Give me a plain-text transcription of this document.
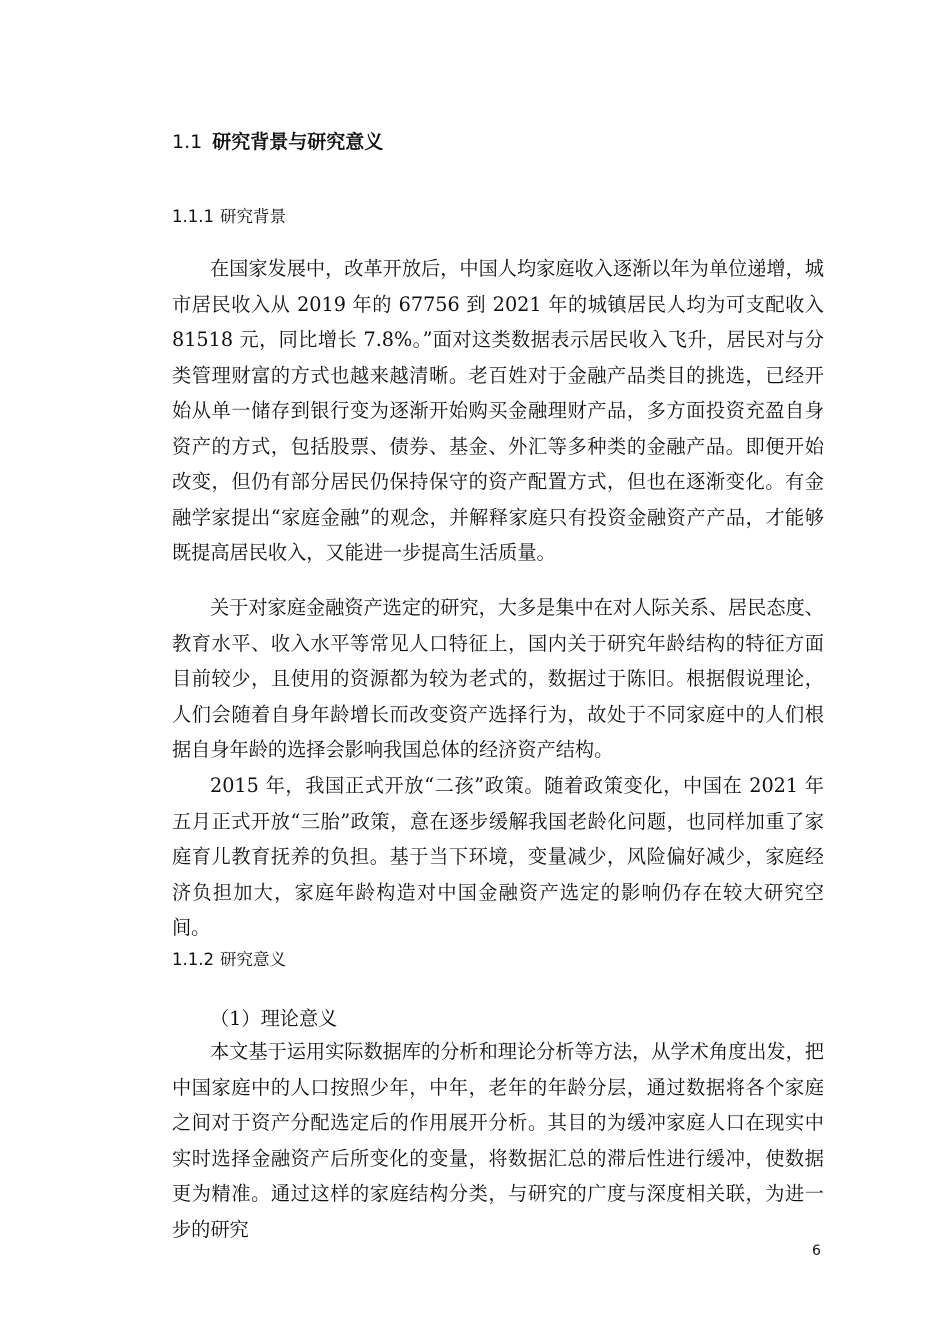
1.1 研究背景与研究意义
1.1.1 研究背景

在国家发展中，改革开放后，中国人均家庭收入逐渐以年为单位递增，城市居民收入从 2019 年的 67756 到 2021 年的城镇居民人均为可支配收入 81518 元，同比增长 7.8%。”面对这类数据表示居民收入飞升，居民对与分类管理财富的方式也越来越清晰。老百姓对于金融产品类目的挑选，已经开始从单一储存到银行变为逐渐开始购买金融理财产品，多方面投资充盈自身资产的方式，包括股票、债券、基金、外汇等多种类的金融产品。即便开始改变，但仍有部分居民仍保持保守的资产配置方式，但也在逐渐变化。有金融学家提出“家庭金融”的观念，并解释家庭只有投资金融资产产品，才能够既提高居民收入，又能进一步提高生活质量。

关于对家庭金融资产选定的研究，大多是集中在对人际关系、居民态度、教育水平、收入水平等常见人口特征上，国内关于研究年龄结构的特征方面目前较少，且使用的资源都为较为老式的，数据过于陈旧。根据假说理论，人们会随着自身年龄增长而改变资产选择行为，故处于不同家庭中的人们根据自身年龄的选择会影响我国总体的经济资产结构。

2015 年，我国正式开放“二孩”政策。随着政策变化，中国在 2021 年五月正式开放“三胎”政策，意在逐步缓解我国老龄化问题，也同样加重了家庭育儿教育抚养的负担。基于当下环境，变量减少，风险偏好减少，家庭经济负担加大，家庭年龄构造对中国金融资产选定的影响仍存在较大研究空间。

1.1.2 研究意义
（1）理论意义

本文基于运用实际数据库的分析和理论分析等方法，从学术角度出发，把中国家庭中的人口按照少年，中年，老年的年龄分层，通过数据将各个家庭之间对于资产分配选定后的作用展开分析。其目的为缓冲家庭人口在现实中实时选择金融资产后所变化的变量，将数据汇总的滞后性进行缓冲，使数据更为精准。通过这样的家庭结构分类，与研究的广度与深度相关联，为进一步的研究

6
